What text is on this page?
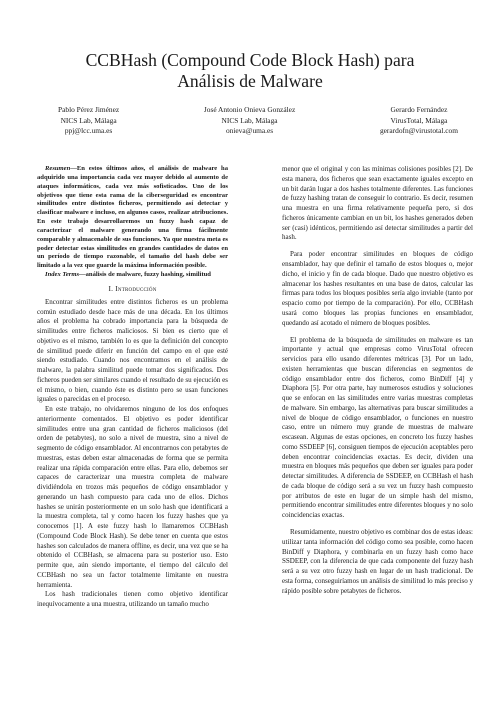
CCBHash (Compound Code Block Hash) para
Análisis de Malware
Pablo Pérez Jiménez
NICS Lab, Málaga
ppj@lcc.uma.es
José Antonio Onieva González
NICS Lab, Málaga
onieva@uma.es
Gerardo Fernández
VirusTotal, Málaga
gerardofn@virustotal.com

Resumen—En estos últimos años, el análisis de malware ha adquirido una importancia cada vez mayor debido al aumento de ataques informáticos, cada vez más sofisticados. Uno de los objetivos que tiene esta rama de la ciberseguridad es encontrar similitudes entre distintos ficheros, permitiendo así detectar y clasificar malware e incluso, en algunos casos, realizar atribuciones. En este trabajo desarrollaremos un fuzzy hash capaz de caracterizar el malware generando una firma fácilmente comparable y almacenable de sus funciones. Ya que nuestra meta es poder detectar estas similitudes en grandes cantidades de datos en un período de tiempo razonable, el tamaño del hash debe ser limitado a la vez que guarde la máxima información posible.

Index Terms—análisis de malware, fuzzy hashing, similitud

I. Introducción

Encontrar similitudes entre distintos ficheros es un problema común estudiado desde hace más de una década. En los últimos años el problema ha cobrado importancia para la búsqueda de similitudes entre ficheros maliciosos. Si bien es cierto que el objetivo es el mismo, también lo es que la definición del concepto de similitud puede diferir en función del campo en el que esté siendo estudiado. Cuando nos encontramos en el análisis de malware, la palabra similitud puede tomar dos significados. Dos ficheros pueden ser similares cuando el resultado de su ejecución es el mismo, o bien, cuando éste es distinto pero se usan funciones iguales o parecidas en el proceso.

En este trabajo, no olvidaremos ninguno de los dos enfoques anteriormente comentados. El objetivo es poder identificar similitudes entre una gran cantidad de ficheros maliciosos (del orden de petabytes), no solo a nivel de muestra, sino a nivel de segmento de código ensamblador. Al encontrarnos con petabytes de muestras, estas deben estar almacenadas de forma que se permita realizar una rápida comparación entre ellas. Para ello, debemos ser capaces de caracterizar una muestra completa de malware dividiéndola en trozos más pequeños de código ensamblador y generando un hash compuesto para cada uno de ellos. Dichos hashes se unirán posteriormente en un solo hash que identificará a la muestra completa, tal y como hacen los fuzzy hashes que ya conocemos [1]. A este fuzzy hash lo llamaremos CCBHash (Compound Code Block Hash). Se debe tener en cuenta que estos hashes son calculados de manera offline, es decir, una vez que se ha obtenido el CCBHash, se almacena para su posterior uso. Esto permite que, aún siendo importante, el tiempo del cálculo del CCBHash no sea un factor totalmente limitante en nuestra herramienta.

Los hash tradicionales tienen como objetivo identificar inequívocamente a una muestra, utilizando un tamaño mucho

menor que el original y con las mínimas colisiones posibles [2]. De esta manera, dos ficheros que sean exactamente iguales excepto en un bit darán lugar a dos hashes totalmente diferentes. Las funciones de fuzzy hashing tratan de conseguir lo contrario. Es decir, resumen una muestra en una firma relativamente pequeña pero, si dos ficheros únicamente cambian en un bit, los hashes generados deben ser (casi) idénticos, permitiendo así detectar similitudes a partir del hash.

Para poder encontrar similitudes en bloques de código ensamblador, hay que definir el tamaño de estos bloques o, mejor dicho, el inicio y fin de cada bloque. Dado que nuestro objetivo es almacenar los hashes resultantes en una base de datos, calcular las firmas para todos los bloques posibles sería algo inviable (tanto por espacio como por tiempo de la comparación). Por ello, CCBHash usará como bloques las propias funciones en ensamblador, quedando así acotado el número de bloques posibles.

El problema de la búsqueda de similitudes en malware es tan importante y actual que empresas como VirusTotal ofrecen servicios para ello usando diferentes métricas [3]. Por un lado, existen herramientas que buscan diferencias en segmentos de código ensamblador entre dos ficheros, como BinDiff [4] y Diaphora [5]. Por otra parte, hay numerosos estudios y soluciones que se enfocan en las similitudes entre varias muestras completas de malware. Sin embargo, las alternativas para buscar similitudes a nivel de bloque de código ensamblador, o funciones en nuestro caso, entre un número muy grande de muestras de malware escasean. Algunas de estas opciones, en concreto los fuzzy hashes como SSDEEP [6], consiguen tiempos de ejecución aceptables pero deben encontrar coincidencias exactas. Es decir, dividen una muestra en bloques más pequeños que deben ser iguales para poder detectar similitudes. A diferencia de SSDEEP, en CCBHash el hash de cada bloque de código será a su vez un fuzzy hash compuesto por atributos de este en lugar de un simple hash del mismo, permitiendo encontrar similitudes entre diferentes bloques y no solo coincidencias exactas.

Resumidamente, nuestro objetivo es combinar dos de estas ideas: utilizar tanta información del código como sea posible, como hacen BinDiff y Diaphora, y combinarla en un fuzzy hash como hace SSDEEP, con la diferencia de que cada componente del fuzzy hash será a su vez otro fuzzy hash en lugar de un hash tradicional. De esta forma, conseguiríamos un análisis de similitud lo más preciso y rápido posible sobre petabytes de ficheros.
